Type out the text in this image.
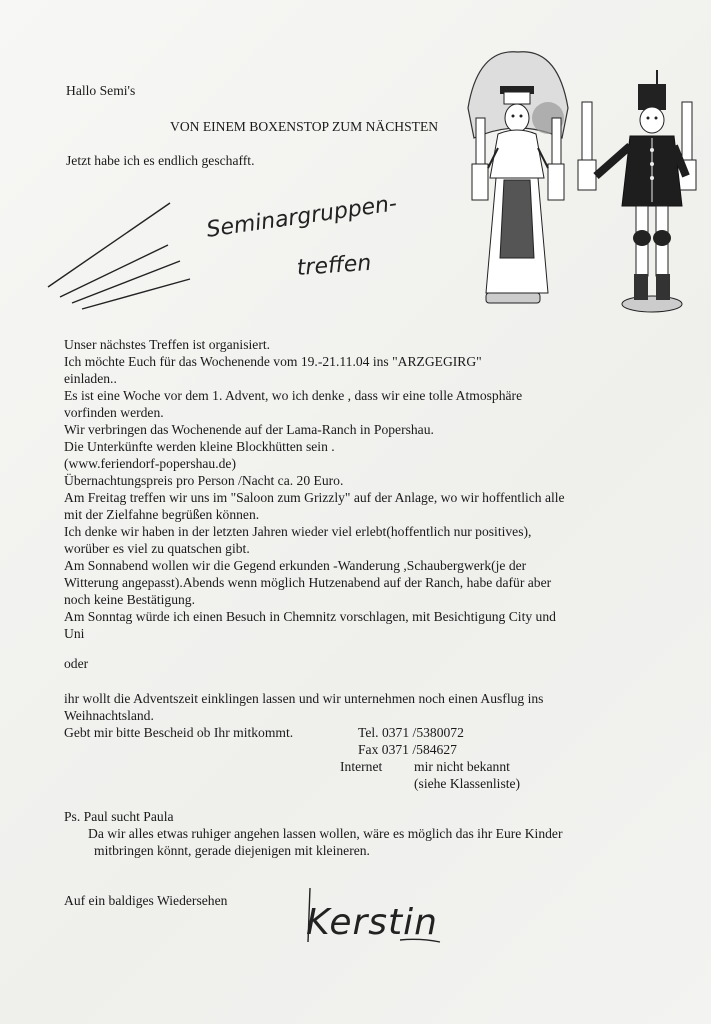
Hallo Semi's
VON EINEM BOXENSTOP ZUM NÄCHSTEN
Jetzt habe ich es endlich geschafft.
Seminargruppen-
treffen
Unser nächstes Treffen ist organisiert.
Ich möchte Euch für das Wochenende vom 19.-21.11.04 ins "ARZGEGIRG"
einladen..
Es ist eine Woche vor dem 1. Advent, wo ich denke , dass wir eine tolle Atmosphäre
vorfinden werden.
Wir verbringen das Wochenende auf der Lama-Ranch in Popershau.
Die Unterkünfte werden kleine Blockhütten sein .
(www.feriendorf-popershau.de)
Übernachtungspreis pro Person /Nacht ca. 20 Euro.
Am Freitag treffen wir uns im "Saloon zum Grizzly" auf der Anlage, wo wir hoffentlich alle
mit der Zielfahne begrüßen können.
Ich denke wir haben in der letzten Jahren wieder viel erlebt(hoffentlich nur positives),
worüber es viel zu quatschen gibt.
Am Sonnabend wollen wir die Gegend erkunden -Wanderung ,Schaubergwerk(je der
Witterung angepasst).Abends wenn möglich Hutzenabend auf der Ranch, habe dafür aber
noch keine Bestätigung.
Am Sonntag würde ich einen Besuch in Chemnitz vorschlagen, mit Besichtigung City und
Uni
oder
ihr wollt die Adventszeit einklingen lassen und wir unternehmen noch einen Ausflug ins
Weihnachtsland.
Gebt mir bitte Bescheid ob Ihr mitkommt.	Tel. 0371 /5380072
Fax 0371 /584627
Internet mir nicht bekannt
(siehe Klassenliste)
Ps. Paul sucht Paula
Da wir alles etwas ruhiger angehen lassen wollen, wäre es möglich das ihr Eure Kinder
mitbringen könnt, gerade diejenigen mit kleineren.
Auf ein baldiges Wiedersehen
Kerstin
